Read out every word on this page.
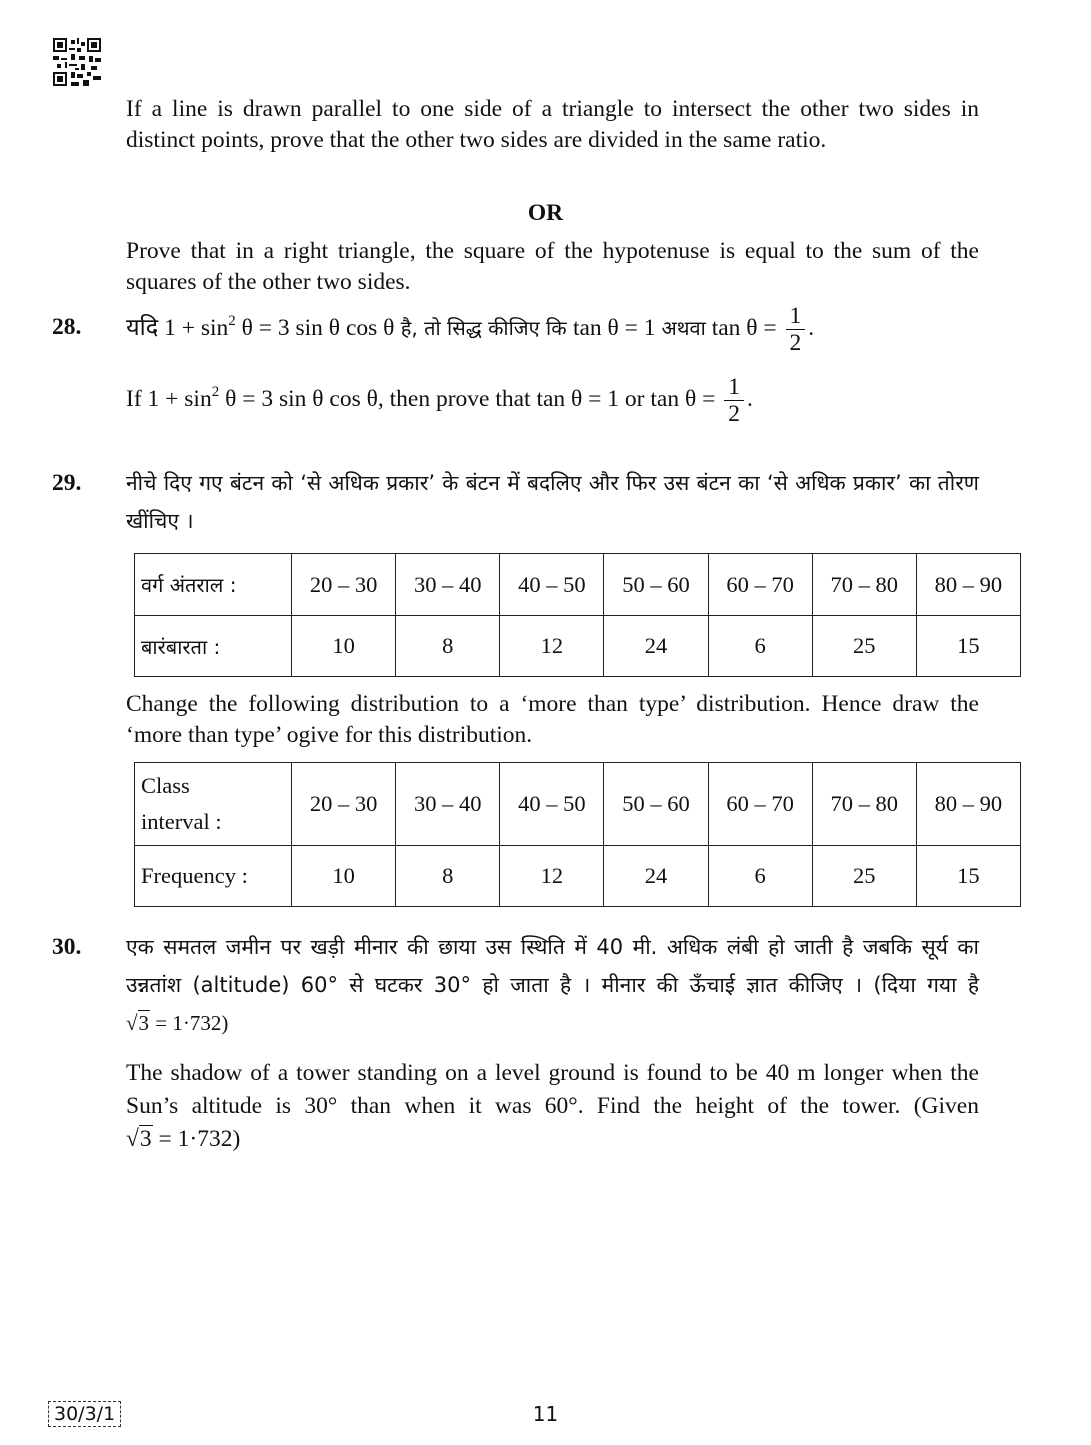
If a line is drawn parallel to one side of a triangle to intersect the other two sides in distinct points, prove that the other two sides are divided in the same ratio.

OR

Prove that in a right triangle, the square of the hypotenuse is equal to the sum of the squares of the other two sides.

28. यदि $1 + \sin^2 \theta = 3$ sin θ cos θ है, तो सिद्ध कीजिए कि tan θ = 1 अथवा $\tan \theta = \frac{1}{2}$ .
If $1 + \sin^2 \theta = 3$ sin θ cos θ, then prove that tan θ = 1 or $\tan \theta = \frac{1}{2}$ .
29. नीचे दिए गए बंटन को ‘से अधिक प्रकार’ के बंटन में बदलिए और फिर उस बंटन का ‘से अधिक प्रकार’ का तोरण खींचिए ।

वर्ग अंतराल :	20 – 30	30 – 40	40 – 50	50 – 60	60 – 70	70 – 80	80 – 90
बारंबारता :	10	8	12	24	6	25	15

Change the following distribution to a ‘more than type’ distribution. Hence draw the ‘more than type’ ogive for this distribution.

Class
interval :	20 – 30	30 – 40	40 – 50	50 – 60	60 – 70	70 – 80	80 – 90
Frequency :	10	8	12	24	6	25	15
30. एक समतल जमीन पर खड़ी मीनार की छाया उस स्थिति में 40 मी. अधिक लंबी हो जाती है जबकि सूर्य का उन्नतांश (altitude) 60° से घटकर 30° हो जाता है । मीनार की ऊँचाई ज्ञात कीजिए । (दिया गया है √3 = 1·732)

The shadow of a tower standing on a level ground is found to be 40 m longer when the Sun’s altitude is 30° than when it was 60°. Find the height of the tower. (Given √3 = 1·732)

30/3/1	11
